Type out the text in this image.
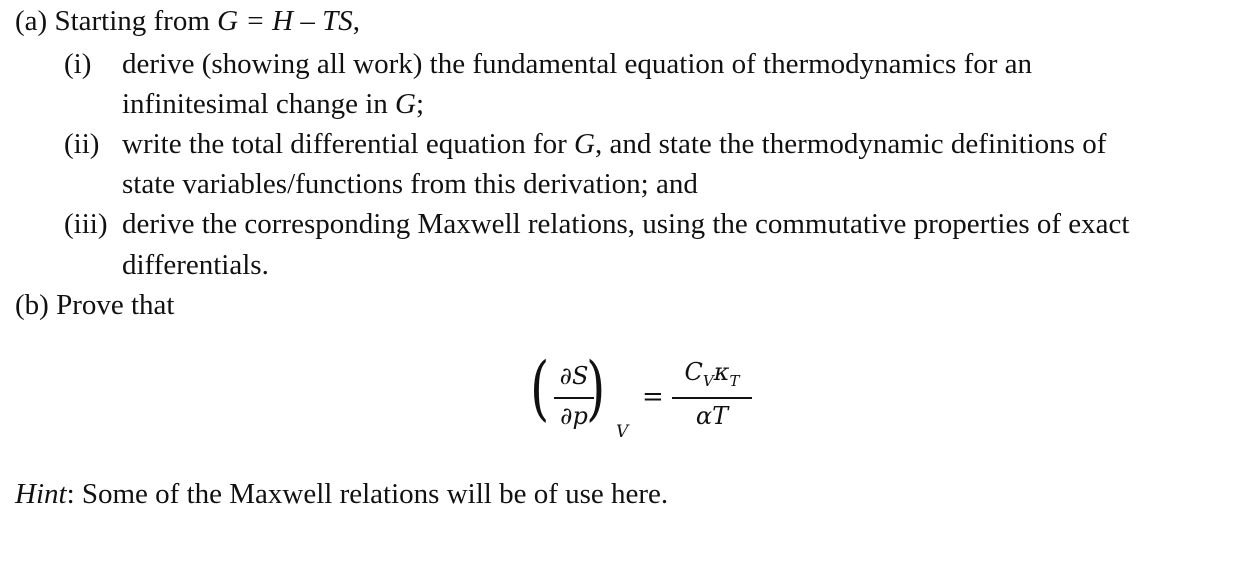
(a) Starting from G = H – TS,
(i) derive (showing all work) the fundamental equation of thermodynamics for an
infinitesimal change in G;
(ii) write the total differential equation for G, and state the thermodynamic definitions of
state variables/functions from this derivation; and
(iii) derive the corresponding Maxwell relations, using the commutative properties of exact
differentials.
(b) Prove that
( ∂S
∂p
)
V
=
$C_V\kappa_T$
αT
Hint: Some of the Maxwell relations will be of use here.
